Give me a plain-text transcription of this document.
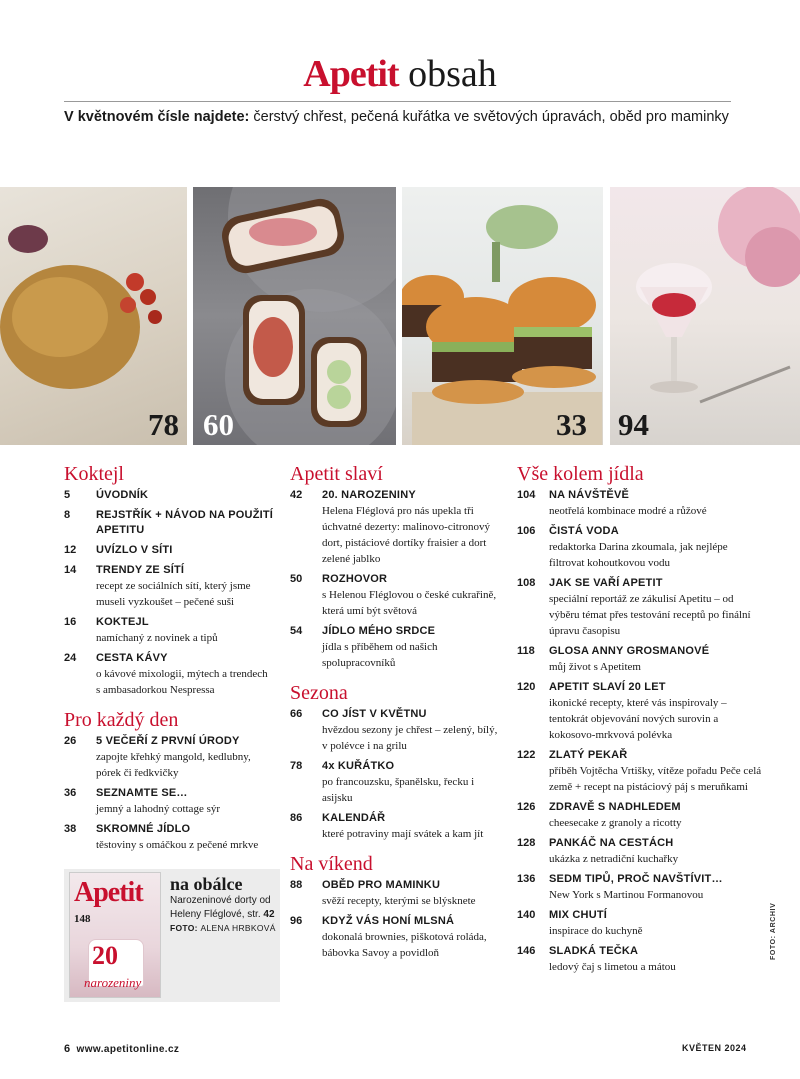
Apetit obsah
V květnovém čísle najdete: čerstvý chřest, pečená kuřátka ve světových úpravách, oběd pro maminky
78 60	33 94
Koktejl
5	ÚVODNÍK
8	REJSTŘÍK + NÁVOD NA POUŽITÍ APETITU
12	UVÍZLO V SÍTI
14	TRENDY ZE SÍTÍ
recept ze sociálních sítí, který jsme museli vyzkoušet – pečené suši
16	KOKTEJL
namíchaný z novinek a tipů
24	CESTA KÁVY
o kávové mixologii, mýtech a trendech s ambasadorkou Nespressa
Pro každý den
26	5 VEČEŘÍ Z PRVNÍ ÚRODY
zapojte křehký mangold, kedlubny, pórek či ředkvičky
36	SEZNAMTE SE…
jemný a lahodný cottage sýr
38	SKROMNÉ JÍDLO
těstoviny s omáčkou z pečené mrkve
Apetit slaví
42	20. NAROZENINY
Helena Fléglová pro nás upekla tři úchvatné dezerty: malinovo-citronový dort, pistáciové dortíky fraisier a dort zelené jablko
50	ROZHOVOR
s Helenou Fléglovou o české cukrařině, která umí být světová
54	JÍDLO MÉHO SRDCE
jídla s příběhem od našich spolupracovníků
Sezona
66	CO JÍST V KVĚTNU
hvězdou sezony je chřest – zelený, bílý, v polévce i na grilu
78	4x KUŘÁTKO
po francouzsku, španělsku, řecku i asijsku
86	KALENDÁŘ
které potraviny mají svátek a kam jít
Na víkend
88	OBĚD PRO MAMINKU
svěží recepty, kterými se blýsknete
96	KDYŽ VÁS HONÍ MLSNÁ
dokonalá brownies, piškotová roláda, bábovka Savoy a povidloň
Vše kolem jídla
104	NA NÁVŠTĚVĚ
neotřelá kombinace modré a růžové
106	ČISTÁ VODA
redaktorka Darina zkoumala, jak nejlépe filtrovat kohoutkovou vodu
108	JAK SE VAŘÍ APETIT
speciální reportáž ze zákulisí Apetitu – od výběru témat přes testování receptů po finální úpravu časopisu
118	GLOSA ANNY GROSMANOVÉ
můj život s Apetitem
120	APETIT SLAVÍ 20 LET
ikonické recepty, které vás inspirovaly – tentokrát objevování nových surovin a kokosovo-mrkvová polévka
122	ZLATÝ PEKAŘ
příběh Vojtěcha Vrtišky, vítěze pořadu Peče celá země + recept na pistáciový páj s meruňkami
126	ZDRAVĚ S NADHLEDEM
cheesecake z granoly a ricotty
128	PANKÁČ NA CESTÁCH
ukázka z netradiční kuchařky
136	SEDM TIPŮ, PROČ NAVŠTÍVIT…
New York s Martinou Formanovou
140	MIX CHUTÍ
inspirace do kuchyně
146	SLADKÁ TEČKA
ledový čaj s limetou a mátou
Apetit
148
20
narozeniny
na obálce
Narozeninové dorty od Heleny Fléglové, str. 42
FOTO: ALENA HRBKOVÁ
6 www.apetitonline.cz	KVĚTEN 2024
FOTO: ARCHIV
